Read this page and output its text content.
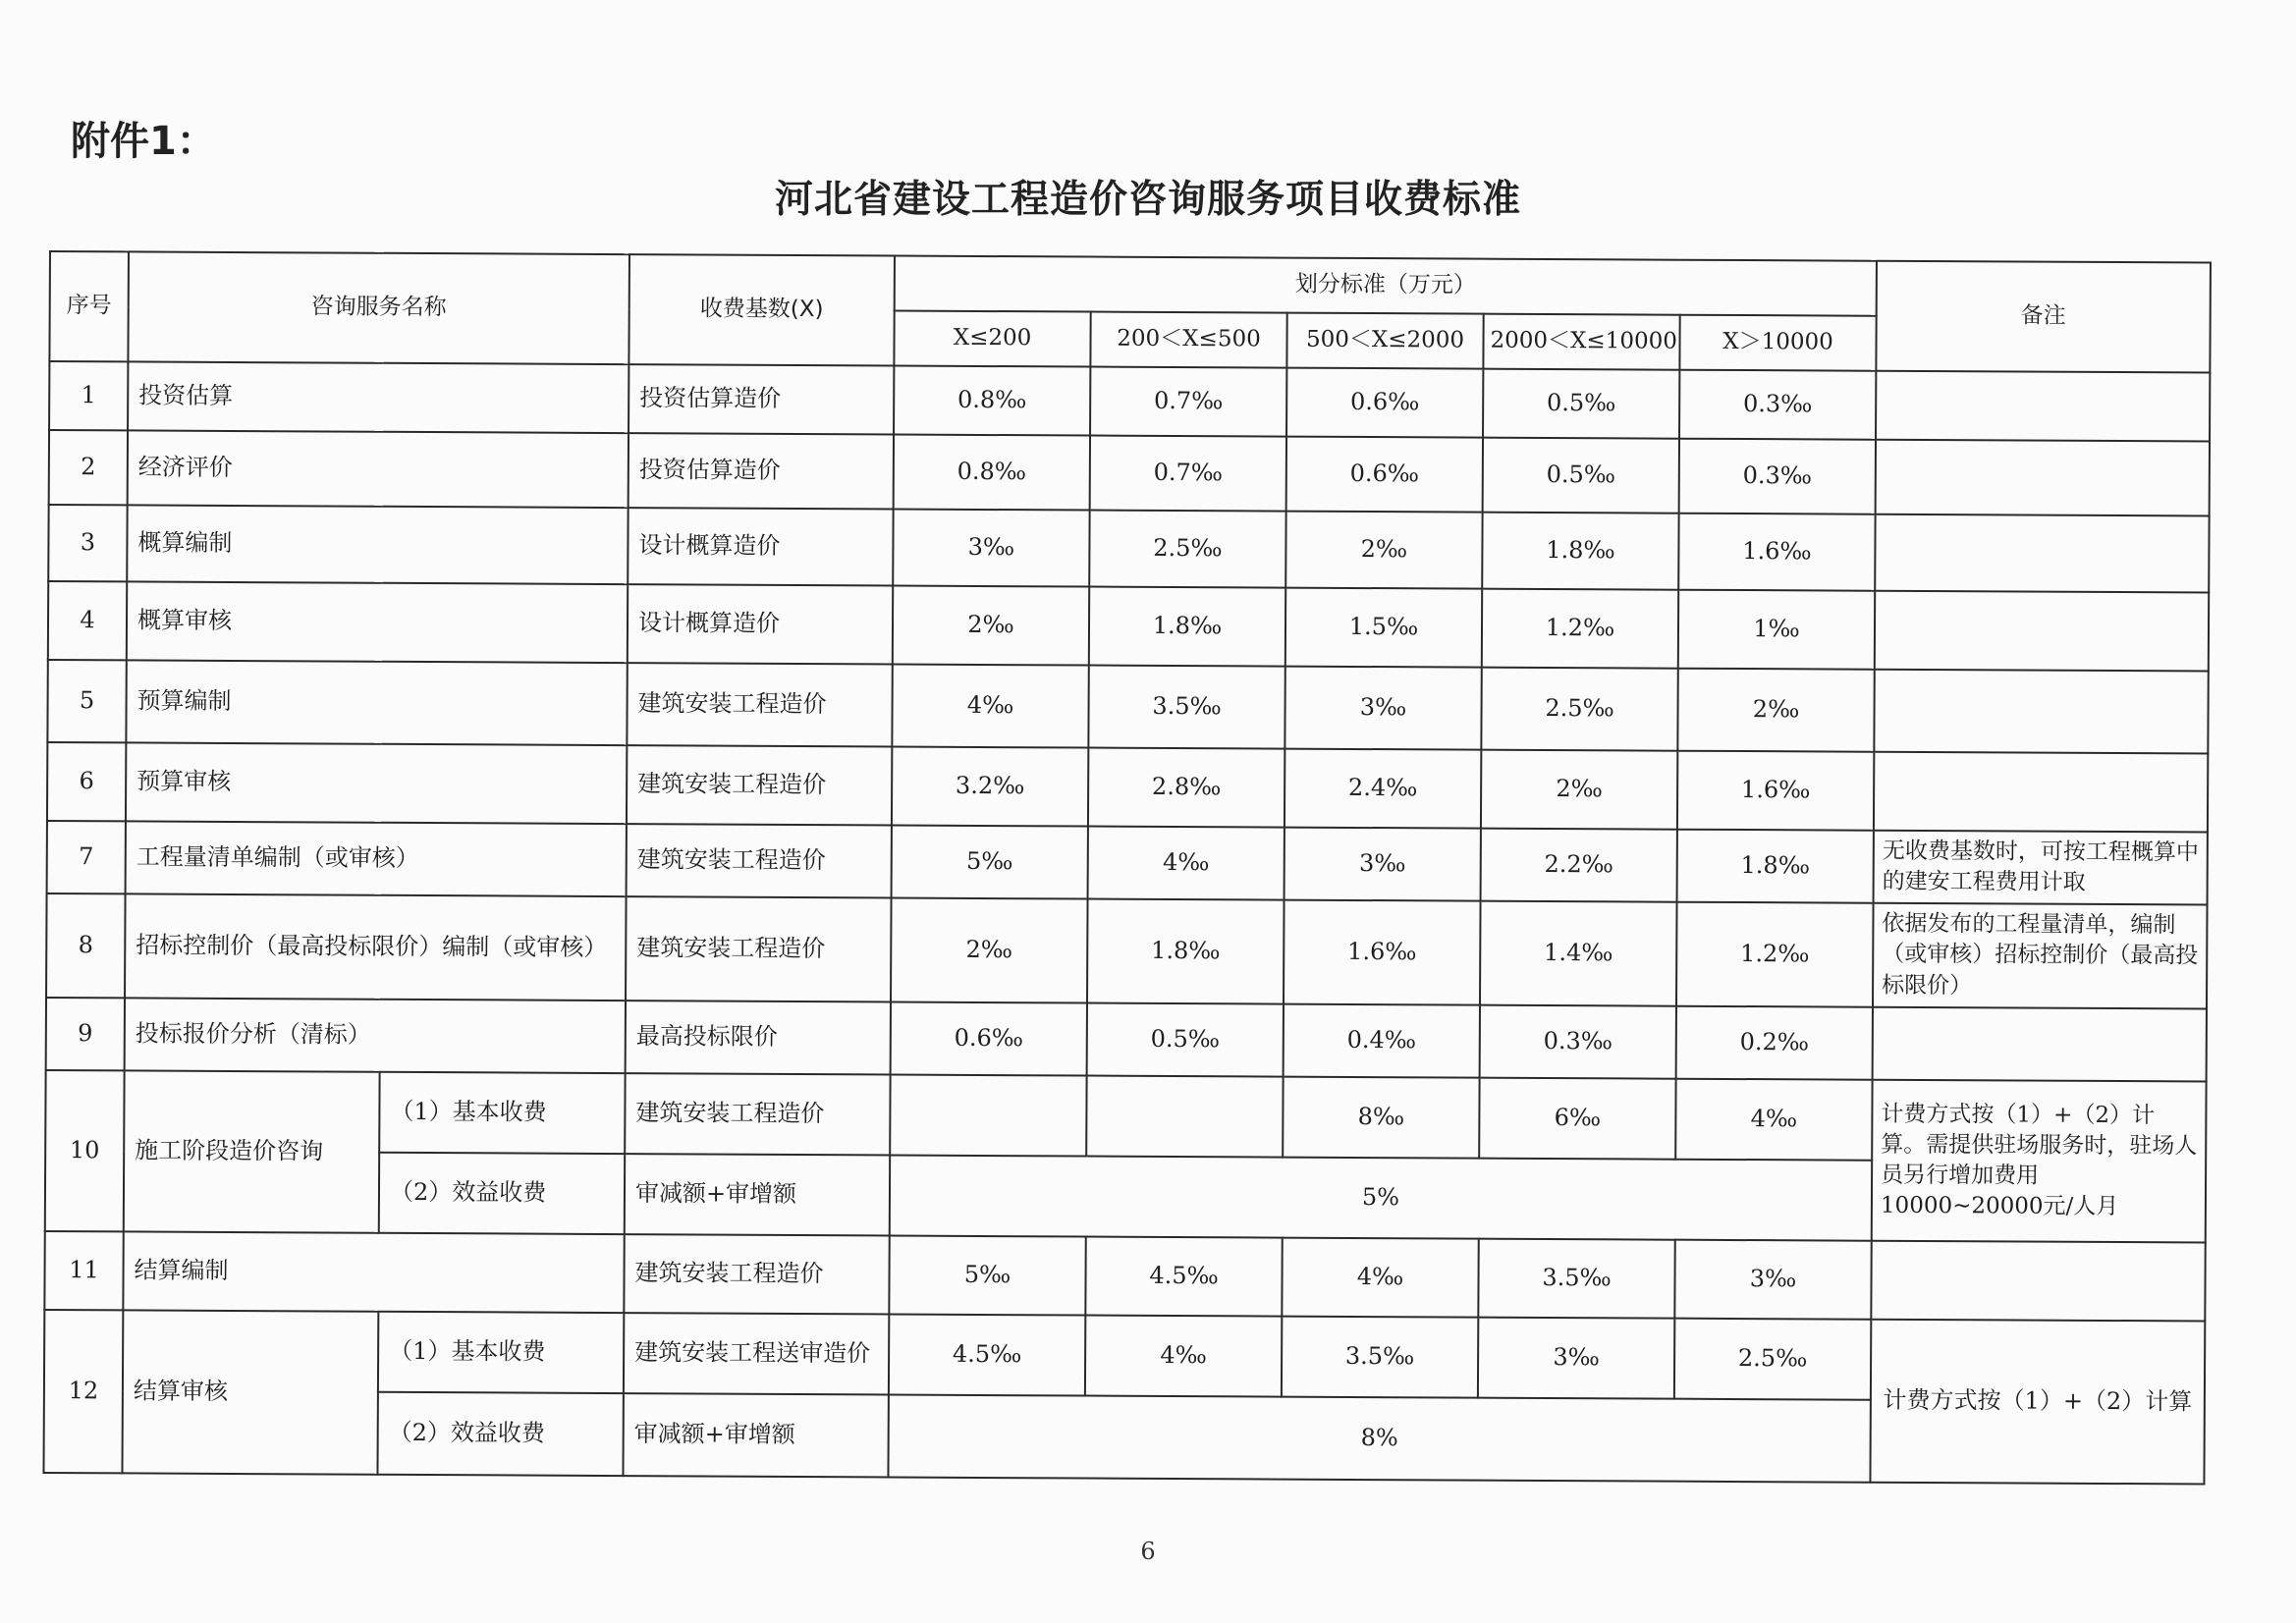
附件1：
河北省建设工程造价咨询服务项目收费标准
序号	咨询服务名称		收费基数(X)	划分标准（万元）					备注
				X≤200	200＜X≤500	500＜X≤2000	2000＜X≤10000	X＞10000	
1	投资估算		投资估算造价	0.8‰	0.7‰	0.6‰	0.5‰	0.3‰	
2	经济评价		投资估算造价	0.8‰	0.7‰	0.6‰	0.5‰	0.3‰	
3	概算编制		设计概算造价	3‰	2.5‰	2‰	1.8‰	1.6‰	
4	概算审核		设计概算造价	2‰	1.8‰	1.5‰	1.2‰	1‰	
5	预算编制		建筑安装工程造价	4‰	3.5‰	3‰	2.5‰	2‰	
6	预算审核		建筑安装工程造价	3.2‰	2.8‰	2.4‰	2‰	1.6‰	
7	工程量清单编制（或审核）		建筑安装工程造价	5‰	4‰	3‰	2.2‰	1.8‰	无收费基数时，可按工程概算中的建安工程费用计取
8	招标控制价（最高投标限价）编制（或审核）		建筑安装工程造价	2‰	1.8‰	1.6‰	1.4‰	1.2‰	依据发布的工程量清单，编制（或审核）招标控制价（最高投标限价）
9	投标报价分析（清标）		最高投标限价	0.6‰	0.5‰	0.4‰	0.3‰	0.2‰	
10	施工阶段造价咨询	（1）基本收费	建筑安装工程造价			8‰	6‰	4‰	计费方式按（1）+（2）计算。需提供驻场服务时，驻场人员另行增加费用10000~20000元/人月
		（2）效益收费	审减额+审增额	5%					
11	结算编制		建筑安装工程造价	5‰	4.5‰	4‰	3.5‰	3‰	
12	结算审核	（1）基本收费	建筑安装工程送审造价	4.5‰	4‰	3.5‰	3‰	2.5‰	计费方式按（1）+（2）计算
		（2）效益收费	审减额+审增额	8%					
6
